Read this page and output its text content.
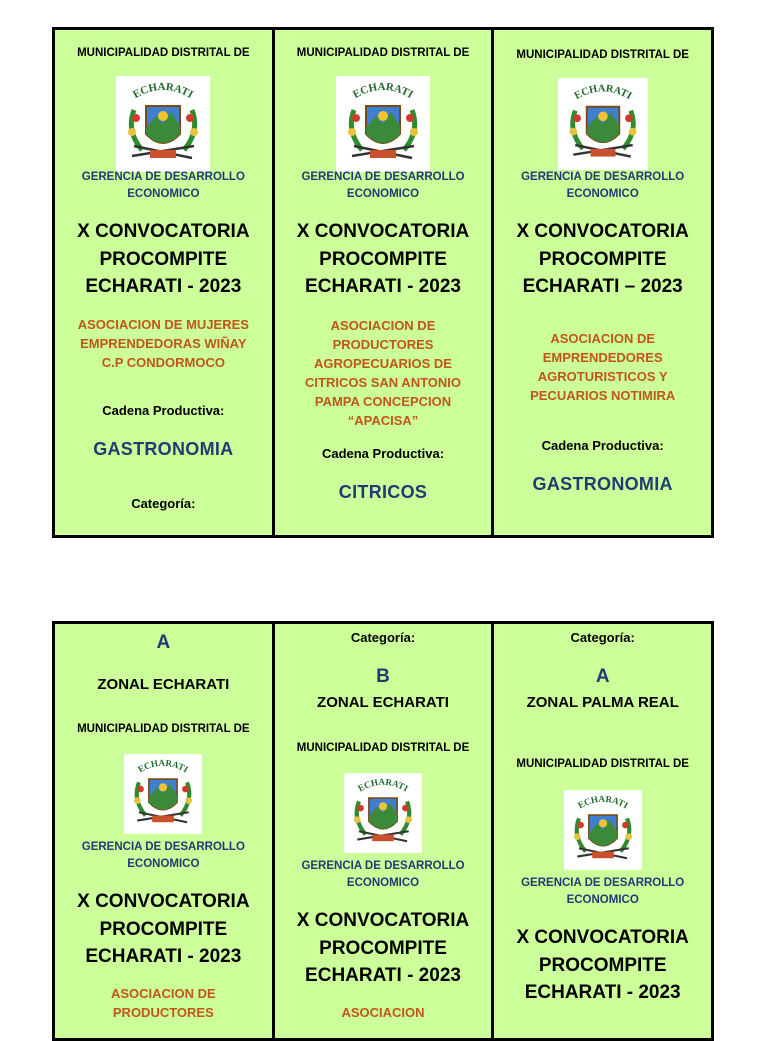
MUNICIPALIDAD DISTRITAL DE
ECHARATI
GERENCIA DE DESARROLLO
ECONOMICO
X CONVOCATORIA
PROCOMPITE
ECHARATI - 2023
ASOCIACION DE MUJERES
EMPRENDEDORAS WIÑAY
C.P CONDORMOCO
Cadena Productiva:
GASTRONOMIA
Categoría:
MUNICIPALIDAD DISTRITAL DE
ECHARATI
GERENCIA DE DESARROLLO
ECONOMICO
X CONVOCATORIA
PROCOMPITE
ECHARATI - 2023
ASOCIACION DE
PRODUCTORES
AGROPECUARIOS DE
CITRICOS SAN ANTONIO
PAMPA CONCEPCION
“APACISA”
Cadena Productiva:
CITRICOS
MUNICIPALIDAD DISTRITAL DE
ECHARATI
GERENCIA DE DESARROLLO
ECONOMICO
X CONVOCATORIA
PROCOMPITE
ECHARATI – 2023
ASOCIACION DE
EMPRENDEDORES
AGROTURISTICOS Y
PECUARIOS NOTIMIRA
Cadena Productiva:
GASTRONOMIA
A
ZONAL ECHARATI
MUNICIPALIDAD DISTRITAL DE
ECHARATI
GERENCIA DE DESARROLLO
ECONOMICO
X CONVOCATORIA
PROCOMPITE
ECHARATI - 2023
ASOCIACION DE
PRODUCTORES
Categoría:
B
ZONAL ECHARATI
MUNICIPALIDAD DISTRITAL DE
ECHARATI
GERENCIA DE DESARROLLO
ECONOMICO
X CONVOCATORIA
PROCOMPITE
ECHARATI - 2023
ASOCIACION
Categoría:
A
ZONAL PALMA REAL
MUNICIPALIDAD DISTRITAL DE
ECHARATI
GERENCIA DE DESARROLLO
ECONOMICO
X CONVOCATORIA
PROCOMPITE
ECHARATI - 2023
